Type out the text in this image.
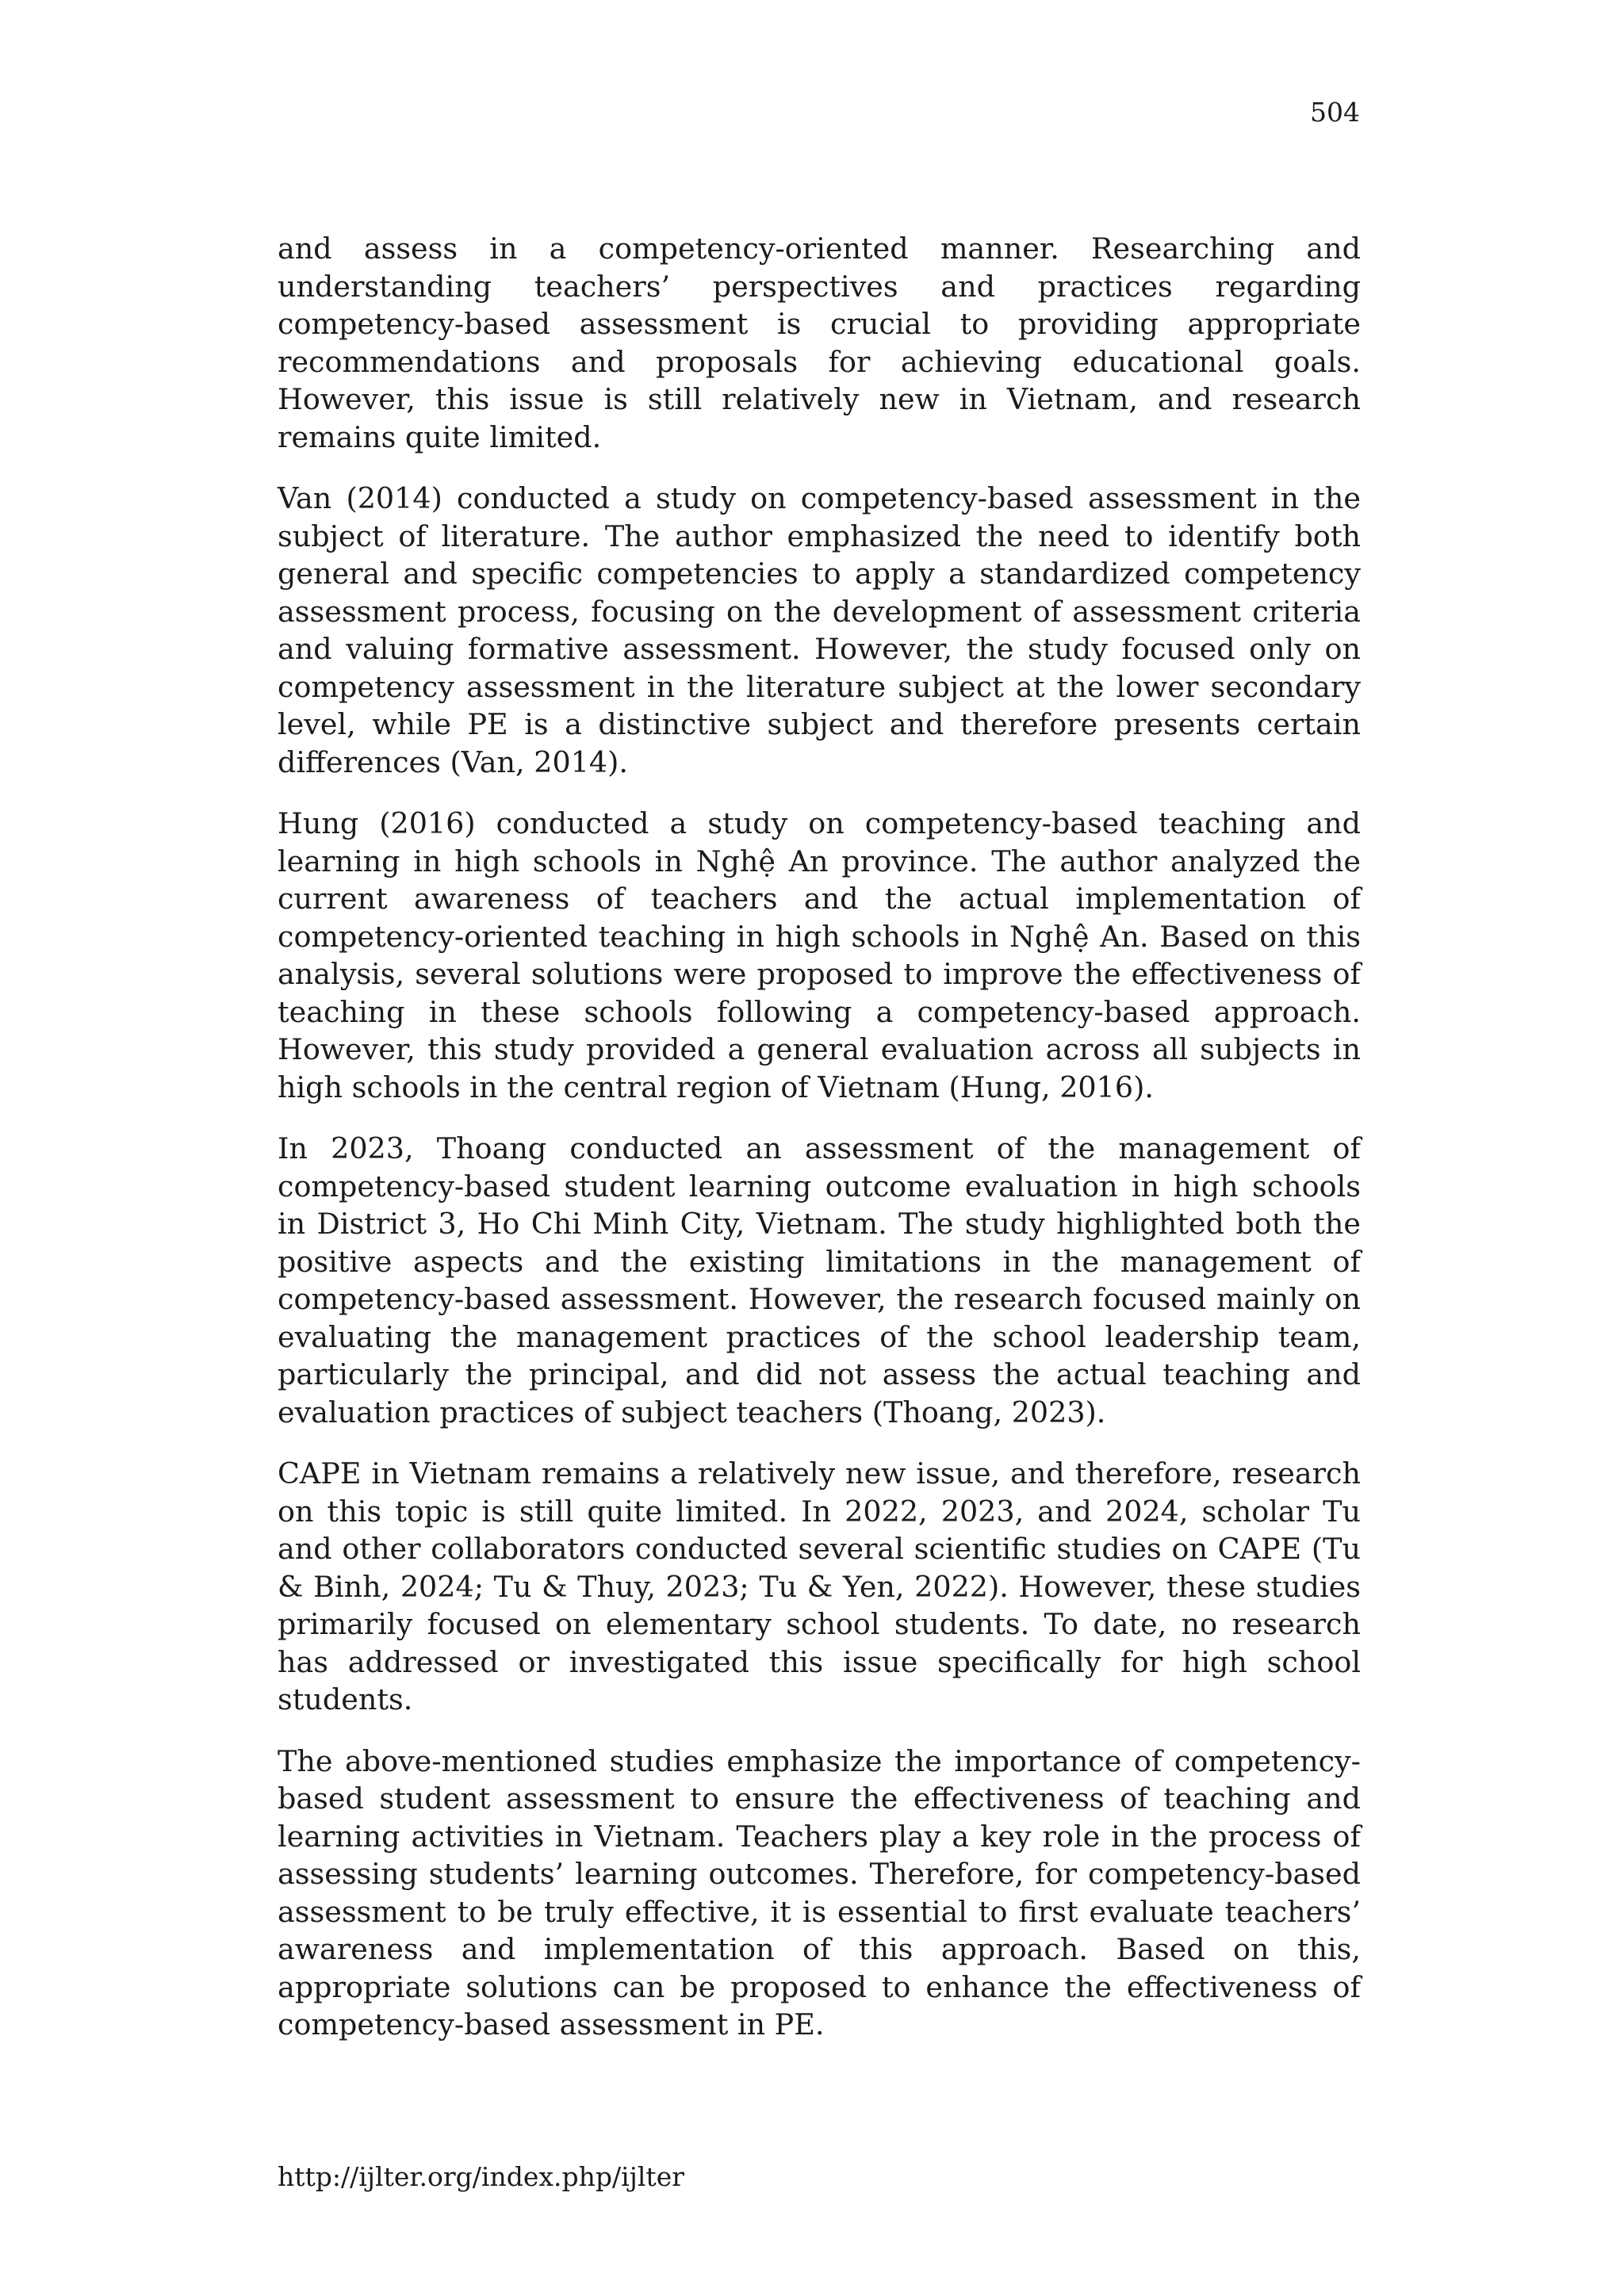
504

and assess in a competency-oriented manner. Researching and understanding teachers’ perspectives and practices regarding competency-based assessment is crucial to providing appropriate recommendations and proposals for achieving educational goals. However, this issue is still relatively new in Vietnam, and research remains quite limited.

Van (2014) conducted a study on competency-based assessment in the subject of literature. The author emphasized the need to identify both general and specific competencies to apply a standardized competency assessment process, focusing on the development of assessment criteria and valuing formative assessment. However, the study focused only on competency assessment in the literature subject at the lower secondary level, while PE is a distinctive subject and therefore presents certain differences (Van, 2014).

Hung (2016) conducted a study on competency-based teaching and learning in high schools in Nghệ An province. The author analyzed the current awareness of teachers and the actual implementation of competency-oriented teaching in high schools in Nghệ An. Based on this analysis, several solutions were proposed to improve the effectiveness of teaching in these schools following a competency-based approach. However, this study provided a general evaluation across all subjects in high schools in the central region of Vietnam (Hung, 2016).

In 2023, Thoang conducted an assessment of the management of competency-based student learning outcome evaluation in high schools in District 3, Ho Chi Minh City, Vietnam. The study highlighted both the positive aspects and the existing limitations in the management of competency-based assessment. However, the research focused mainly on evaluating the management practices of the school leadership team, particularly the principal, and did not assess the actual teaching and evaluation practices of subject teachers (Thoang, 2023).

CAPE in Vietnam remains a relatively new issue, and therefore, research on this topic is still quite limited. In 2022, 2023, and 2024, scholar Tu and other collaborators conducted several scientific studies on CAPE (Tu & Binh, 2024; Tu & Thuy, 2023; Tu & Yen, 2022). However, these studies primarily focused on elementary school students. To date, no research has addressed or investigated this issue specifically for high school students.

The above-mentioned studies emphasize the importance of competency-based student assessment to ensure the effectiveness of teaching and learning activities in Vietnam. Teachers play a key role in the process of assessing students’ learning outcomes. Therefore, for competency-based assessment to be truly effective, it is essential to first evaluate teachers’ awareness and implementation of this approach. Based on this, appropriate solutions can be proposed to enhance the effectiveness of competency-based assessment in PE.

http://ijlter.org/index.php/ijlter
